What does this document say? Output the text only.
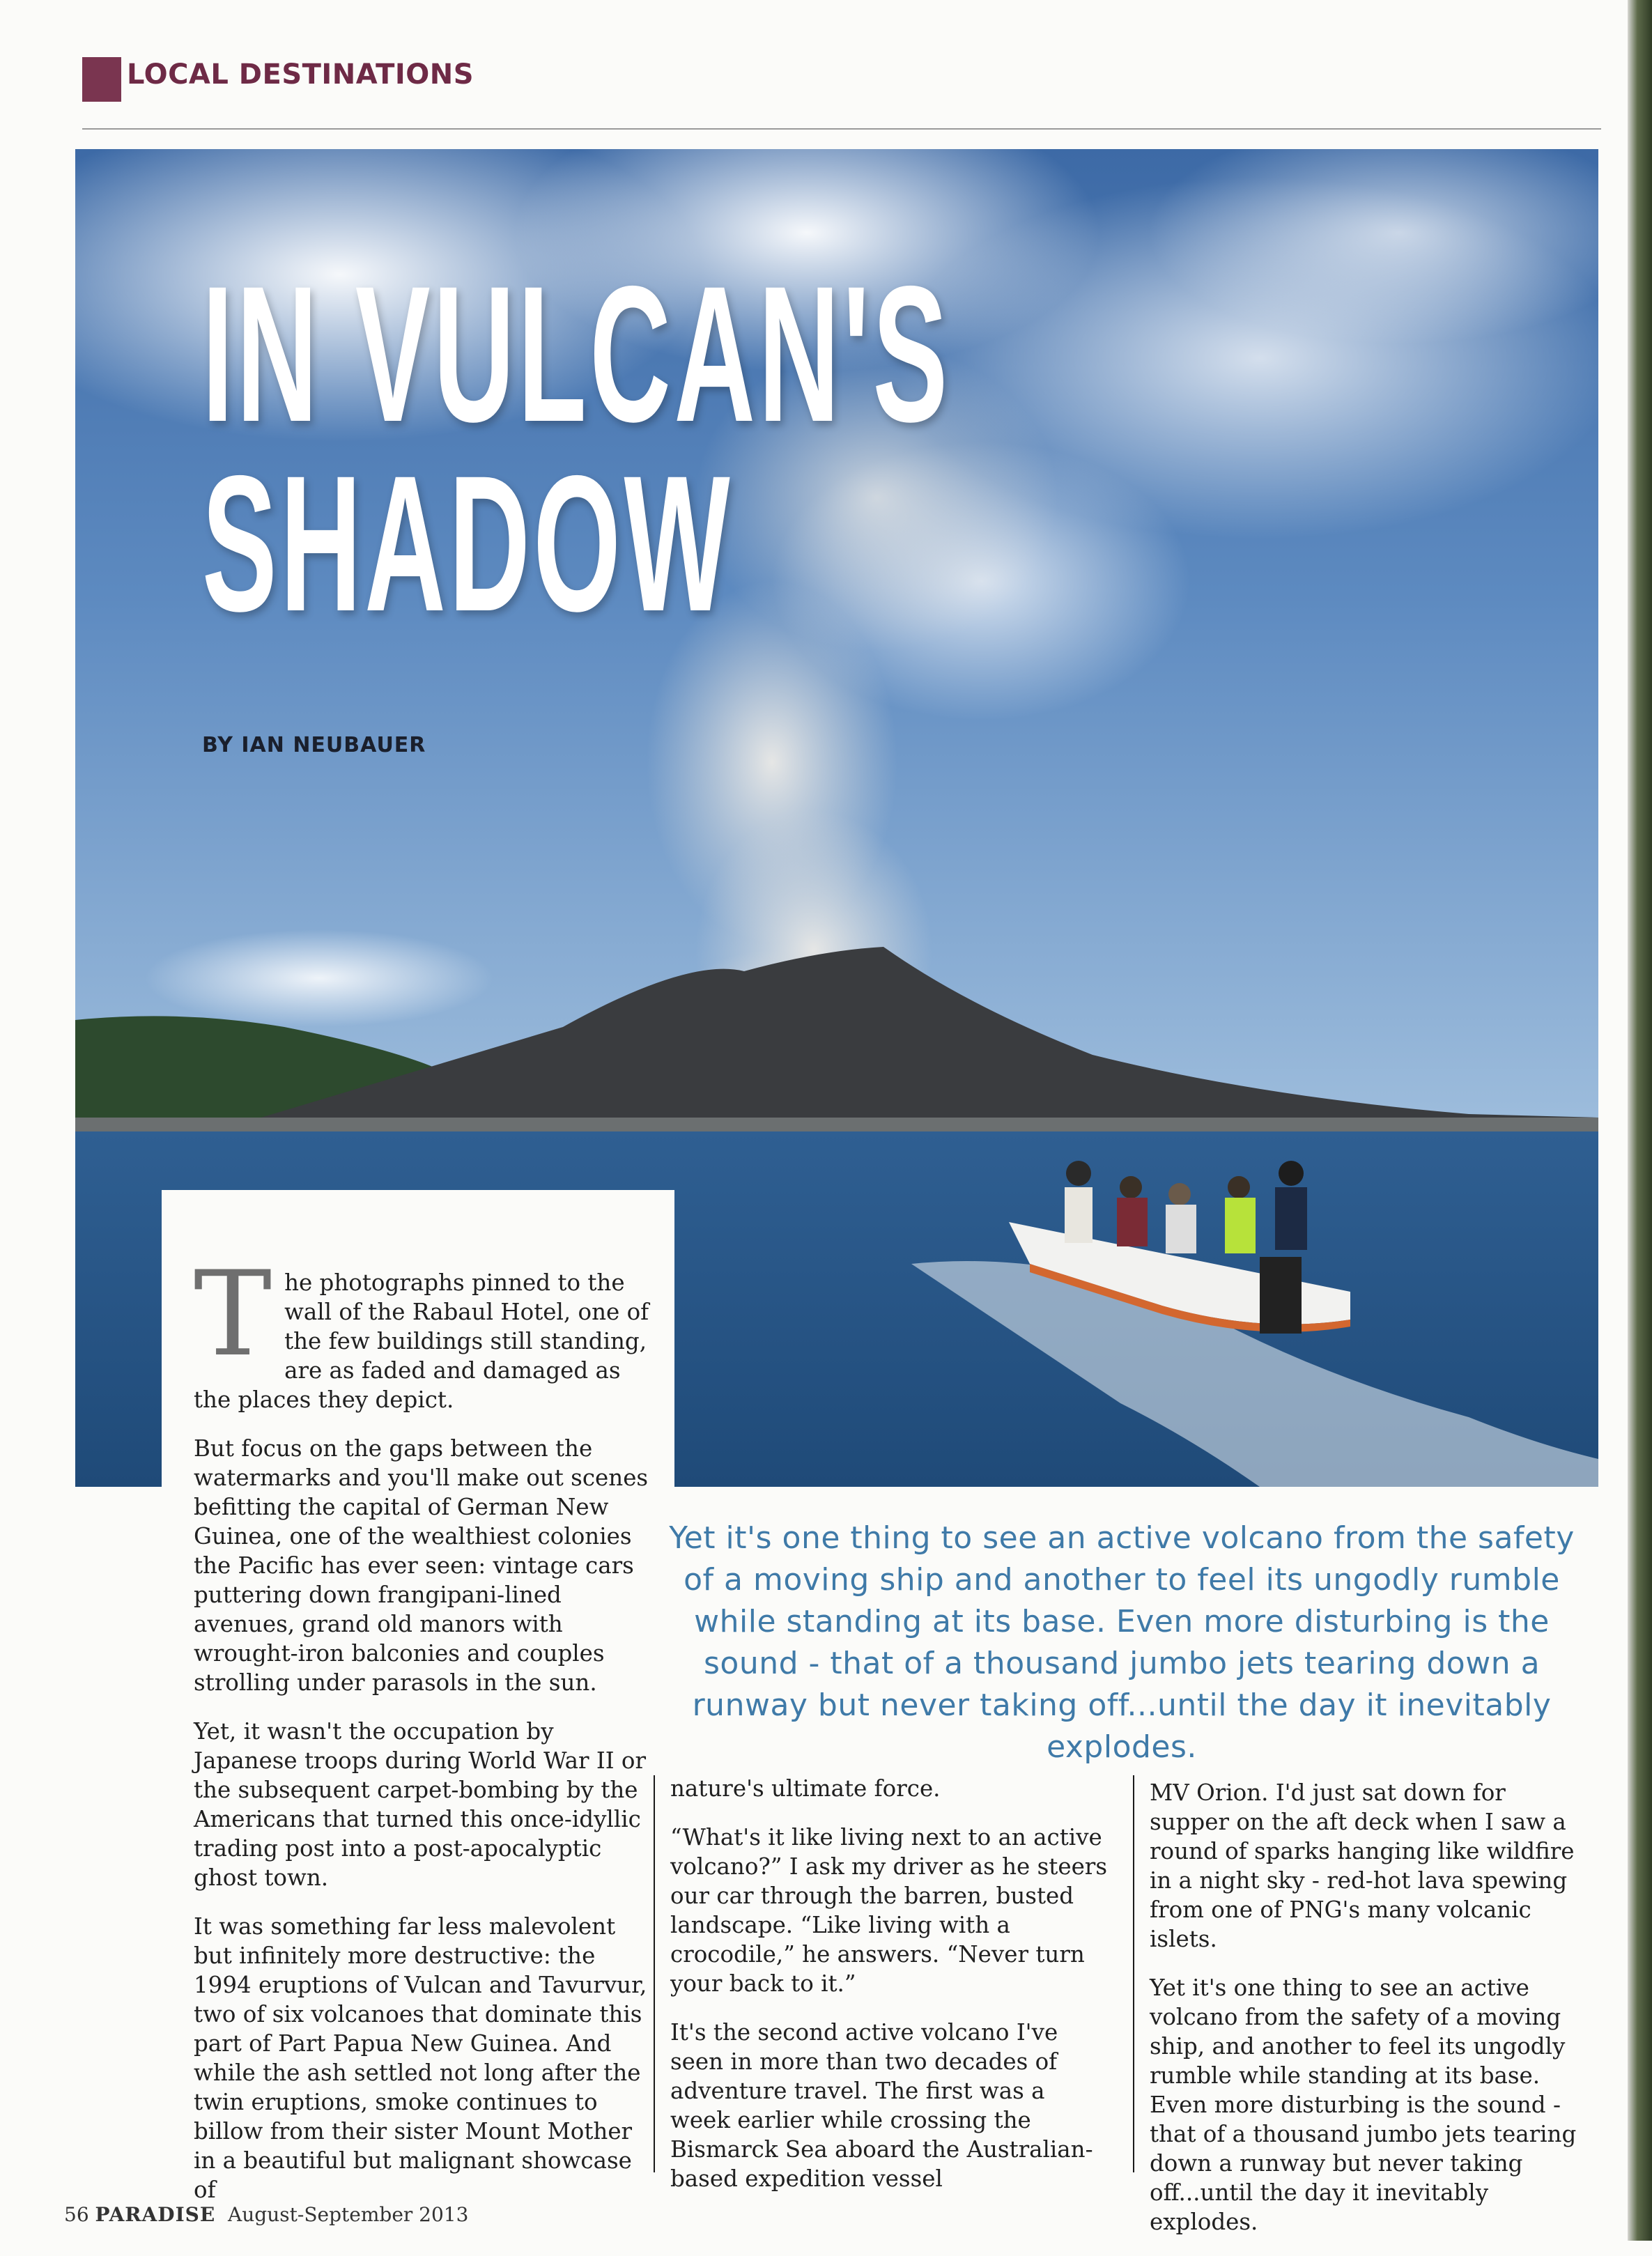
LOCAL DESTINATIONS
IN VULCAN'S
SHADOW
BY IAN NEUBAUER

The photographs pinned to the wall of the Rabaul Hotel, one of the few buildings still standing, are as faded and damaged as the places they depict.

But focus on the gaps between the watermarks and you'll make out scenes befitting the capital of German New Guinea, one of the wealthiest colonies the Pacific has ever seen: vintage cars puttering down frangipani-lined avenues, grand old manors with wrought-iron balconies and couples strolling under parasols in the sun.

Yet, it wasn't the occupation by Japanese troops during World War II or the subsequent carpet-bombing by the Americans that turned this once-idyllic trading post into a post-apocalyptic ghost town.

It was something far less malevolent but infinitely more destructive: the 1994 eruptions of Vulcan and Tavurvur, two of six volcanoes that dominate this part of Part Papua New Guinea. And while the ash settled not long after the twin eruptions, smoke continues to billow from their sister Mount Mother in a beautiful but malignant showcase of

Yet it's one thing to see an active volcano from the safety of a moving ship and another to feel its ungodly rumble while standing at its base. Even more disturbing is the sound - that of a thousand jumbo jets tearing down a runway but never taking off...until the day it inevitably explodes.

nature's ultimate force.

“What's it like living next to an active volcano?” I ask my driver as he steers our car through the barren, busted landscape. “Like living with a crocodile,” he answers. “Never turn your back to it.”

It's the second active volcano I've seen in more than two decades of adventure travel. The first was a week earlier while crossing the Bismarck Sea aboard the Australian-based expedition vessel

MV Orion. I'd just sat down for supper on the aft deck when I saw a round of sparks hanging like wildfire in a night sky - red-hot lava spewing from one of PNG's many volcanic islets.

Yet it's one thing to see an active volcano from the safety of a moving ship, and another to feel its ungodly rumble while standing at its base. Even more disturbing is the sound - that of a thousand jumbo jets tearing down a runway but never taking off...until the day it inevitably explodes.

56 PARADISE August-September 2013
